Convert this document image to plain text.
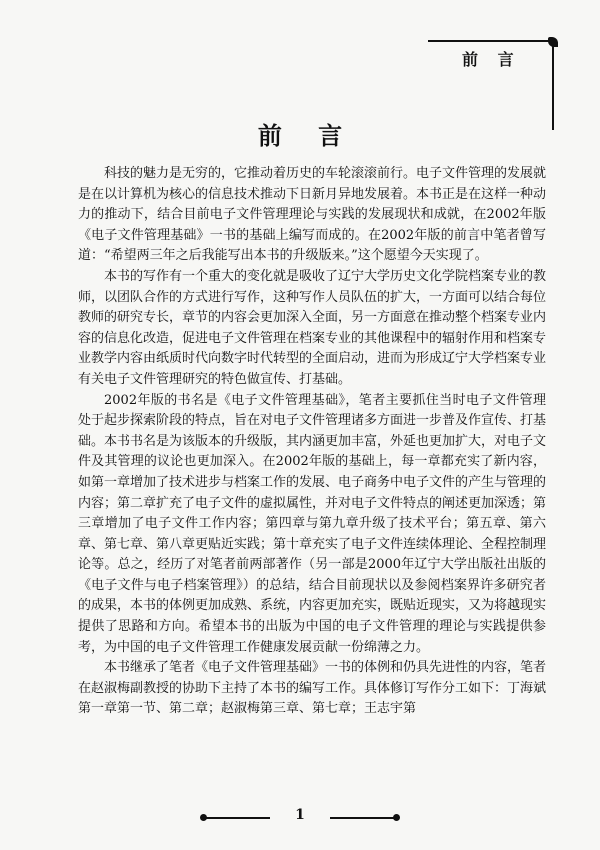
前 言
前 言

科技的魅力是无穷的，它推动着历史的车轮滚滚前行。电子文件管理的发展就是在以计算机为核心的信息技术推动下日新月异地发展着。本书正是在这样一种动力的推动下，结合目前电子文件管理理论与实践的发展现状和成就，在2002年版《电子文件管理基础》一书的基础上编写而成的。在2002年版的前言中笔者曾写道：“希望两三年之后我能写出本书的升级版来。”这个愿望今天实现了。

本书的写作有一个重大的变化就是吸收了辽宁大学历史文化学院档案专业的教师，以团队合作的方式进行写作，这种写作人员队伍的扩大，一方面可以结合每位教师的研究专长，章节的内容会更加深入全面，另一方面意在推动整个档案专业内容的信息化改造，促进电子文件管理在档案专业的其他课程中的辐射作用和档案专业教学内容由纸质时代向数字时代转型的全面启动，进而为形成辽宁大学档案专业有关电子文件管理研究的特色做宣传、打基础。

2002年版的书名是《电子文件管理基础》，笔者主要抓住当时电子文件管理处于起步探索阶段的特点，旨在对电子文件管理诸多方面进一步普及作宣传、打基础。本书书名是为该版本的升级版，其内涵更加丰富，外延也更加扩大，对电子文件及其管理的议论也更加深入。在2002年版的基础上，每一章都充实了新内容，如第一章增加了技术进步与档案工作的发展、电子商务中电子文件的产生与管理的内容；第二章扩充了电子文件的虚拟属性，并对电子文件特点的阐述更加深透；第三章增加了电子文件工作内容；第四章与第九章升级了技术平台；第五章、第六章、第七章、第八章更贴近实践；第十章充实了电子文件连续体理论、全程控制理论等。总之，经历了对笔者前两部著作（另一部是2000年辽宁大学出版社出版的《电子文件与电子档案管理》）的总结，结合目前现状以及参阅档案界许多研究者的成果，本书的体例更加成熟、系统，内容更加充实，既贴近现实，又为将越现实提供了思路和方向。希望本书的出版为中国的电子文件管理的理论与实践提供参考，为中国的电子文件管理工作健康发展贡献一份绵薄之力。

本书继承了笔者《电子文件管理基础》一书的体例和仍具先进性的内容，笔者在赵淑梅副教授的协助下主持了本书的编写工作。具体修订写作分工如下：丁海斌第一章第一节、第二章；赵淑梅第三章、第七章；王志宇第

1
